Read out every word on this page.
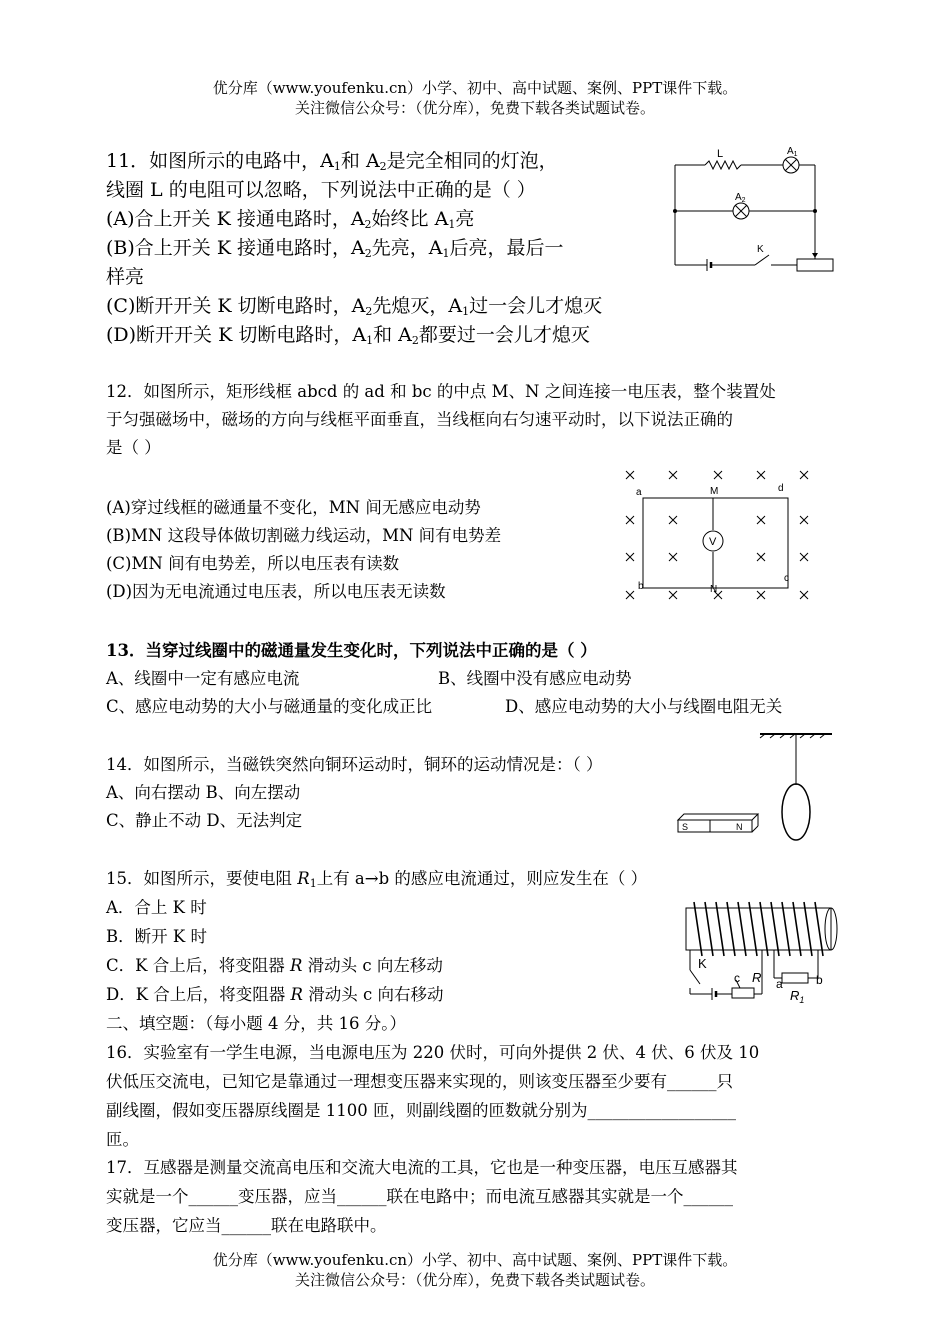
优分库（www.youfenku.cn）小学、初中、高中试题、案例、PPT课件下载。
关注微信公众号：（优分库），免费下载各类试题试卷。
11．如图所示的电路中，$A_1$和 $A_2$是完全相同的灯泡，
线圈 L 的电阻可以忽略，下列说法中正确的是（ ）
(A)合上开关 K 接通电路时，$A_2$始终比 $A_1$亮
(B)合上开关 K 接通电路时，$A_2$先亮，$A_1$后亮，最后一
样亮
(C)断开开关 K 切断电路时，$A_2$先熄灭，$A_1$过一会儿才熄灭
(D)断开开关 K 切断电路时，$A_1$和 $A_2$都要过一会儿才熄灭
L	$A_1$
$A_2$
K
12．如图所示，矩形线框 abcd 的 ad 和 bc 的中点 M、N 之间连接一电压表，整个装置处
于匀强磁场中，磁场的方向与线框平面垂直，当线框向右匀速平动时，以下说法正确的
是（ ）
(A)穿过线框的磁通量不变化，MN 间无感应电动势
(B)MN 这段导体做切割磁力线运动，MN 间有电势差
(C)MN 间有电势差，所以电压表有读数
(D)因为无电流通过电压表，所以电压表无读数
V
a	d
b
c
M
N
13．当穿过线圈中的磁通量发生变化时，下列说法中正确的是（ ）
A、线圈中一定有感应电流	B、线圈中没有感应电动势
C、感应电动势的大小与磁通量的变化成正比	D、感应电动势的大小与线圈电阻无关
14．如图所示，当磁铁突然向铜环运动时，铜环的运动情况是：（ ）
A、向右摆动 B、向左摆动
C、静止不动 D、无法判定	S	N
15．如图所示，要使电阻 $R_1$上有 a→b 的感应电流通过，则应发生在（ ）
A．合上 K 时
B．断开 K 时
C．K 合上后，将变阻器 R 滑动头 c 向左移动
D．K 合上后，将变阻器 R 滑动头 c 向右移动
K
c R a	b
$R_1$
二、填空题：（每小题 4 分，共 16 分。）
16．实验室有一学生电源，当电源电压为 220 伏时，可向外提供 2 伏、4 伏、6 伏及 10
伏低压交流电，已知它是靠通过一理想变压器来实现的，则该变压器至少要有______只
副线圈，假如变压器原线圈是 1100 匝，则副线圈的匝数就分别为__________________
匝。
17．互感器是测量交流高电压和交流大电流的工具，它也是一种变压器，电压互感器其
实就是一个______变压器，应当______联在电路中；而电流互感器其实就是一个______
变压器，它应当______联在电路联中。
优分库（www.youfenku.cn）小学、初中、高中试题、案例、PPT课件下载。
关注微信公众号：（优分库），免费下载各类试题试卷。
